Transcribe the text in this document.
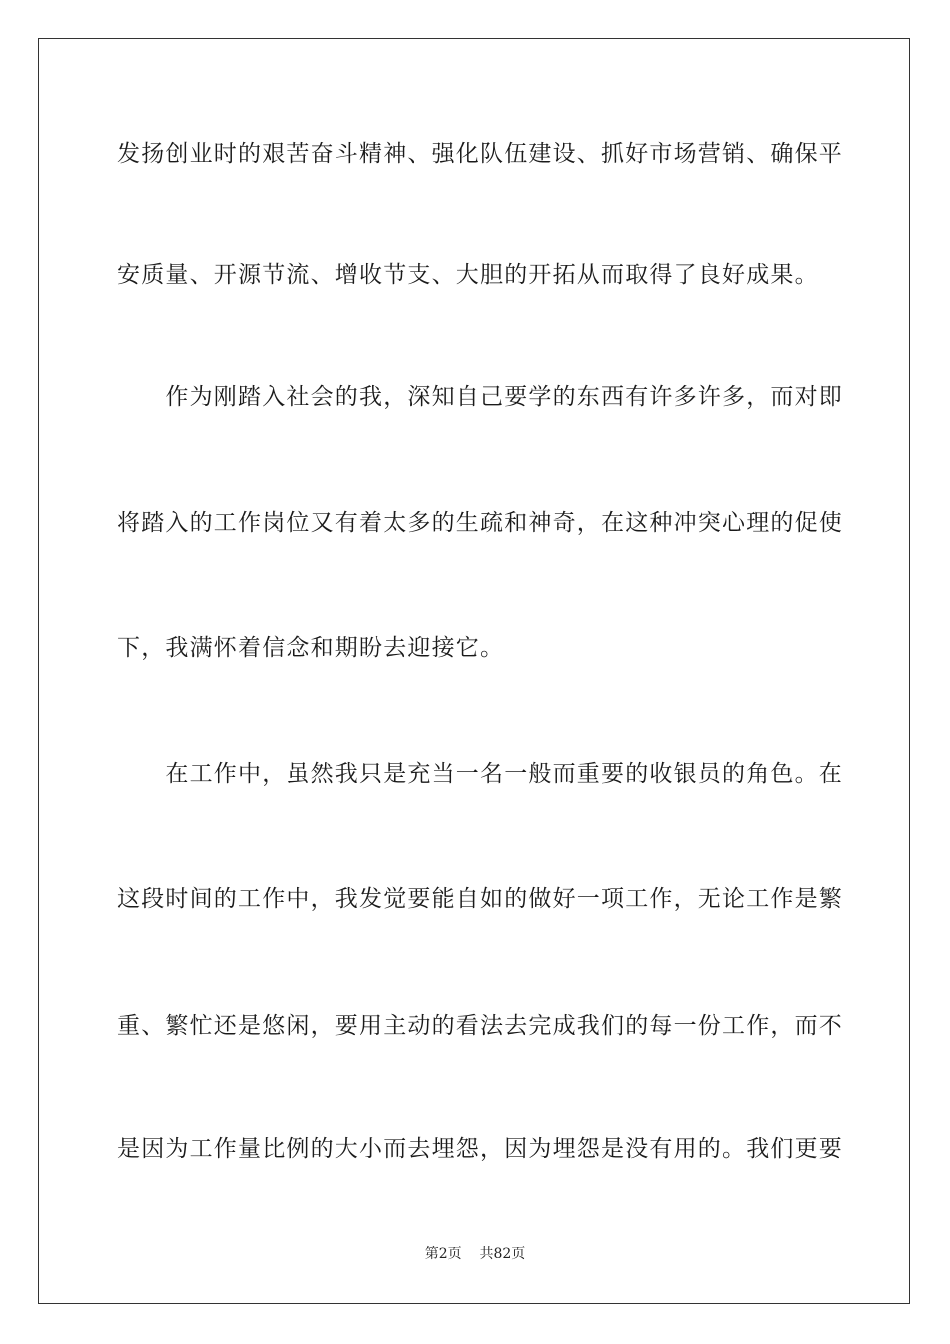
发扬创业时的艰苦奋斗精神、强化队伍建设、抓好市场营销、确保平
安质量、开源节流、增收节支、大胆的开拓从而取得了良好成果。
　　作为刚踏入社会的我，深知自己要学的东西有许多许多，而对即
将踏入的工作岗位又有着太多的生疏和神奇，在这种冲突心理的促使
下，我满怀着信念和期盼去迎接它。
　　在工作中，虽然我只是充当一名一般而重要的收银员的角色。在
这段时间的工作中，我发觉要能自如的做好一项工作，无论工作是繁
重、繁忙还是悠闲，要用主动的看法去完成我们的每一份工作，而不
是因为工作量比例的大小而去埋怨，因为埋怨是没有用的。我们更要
第2页 共82页
